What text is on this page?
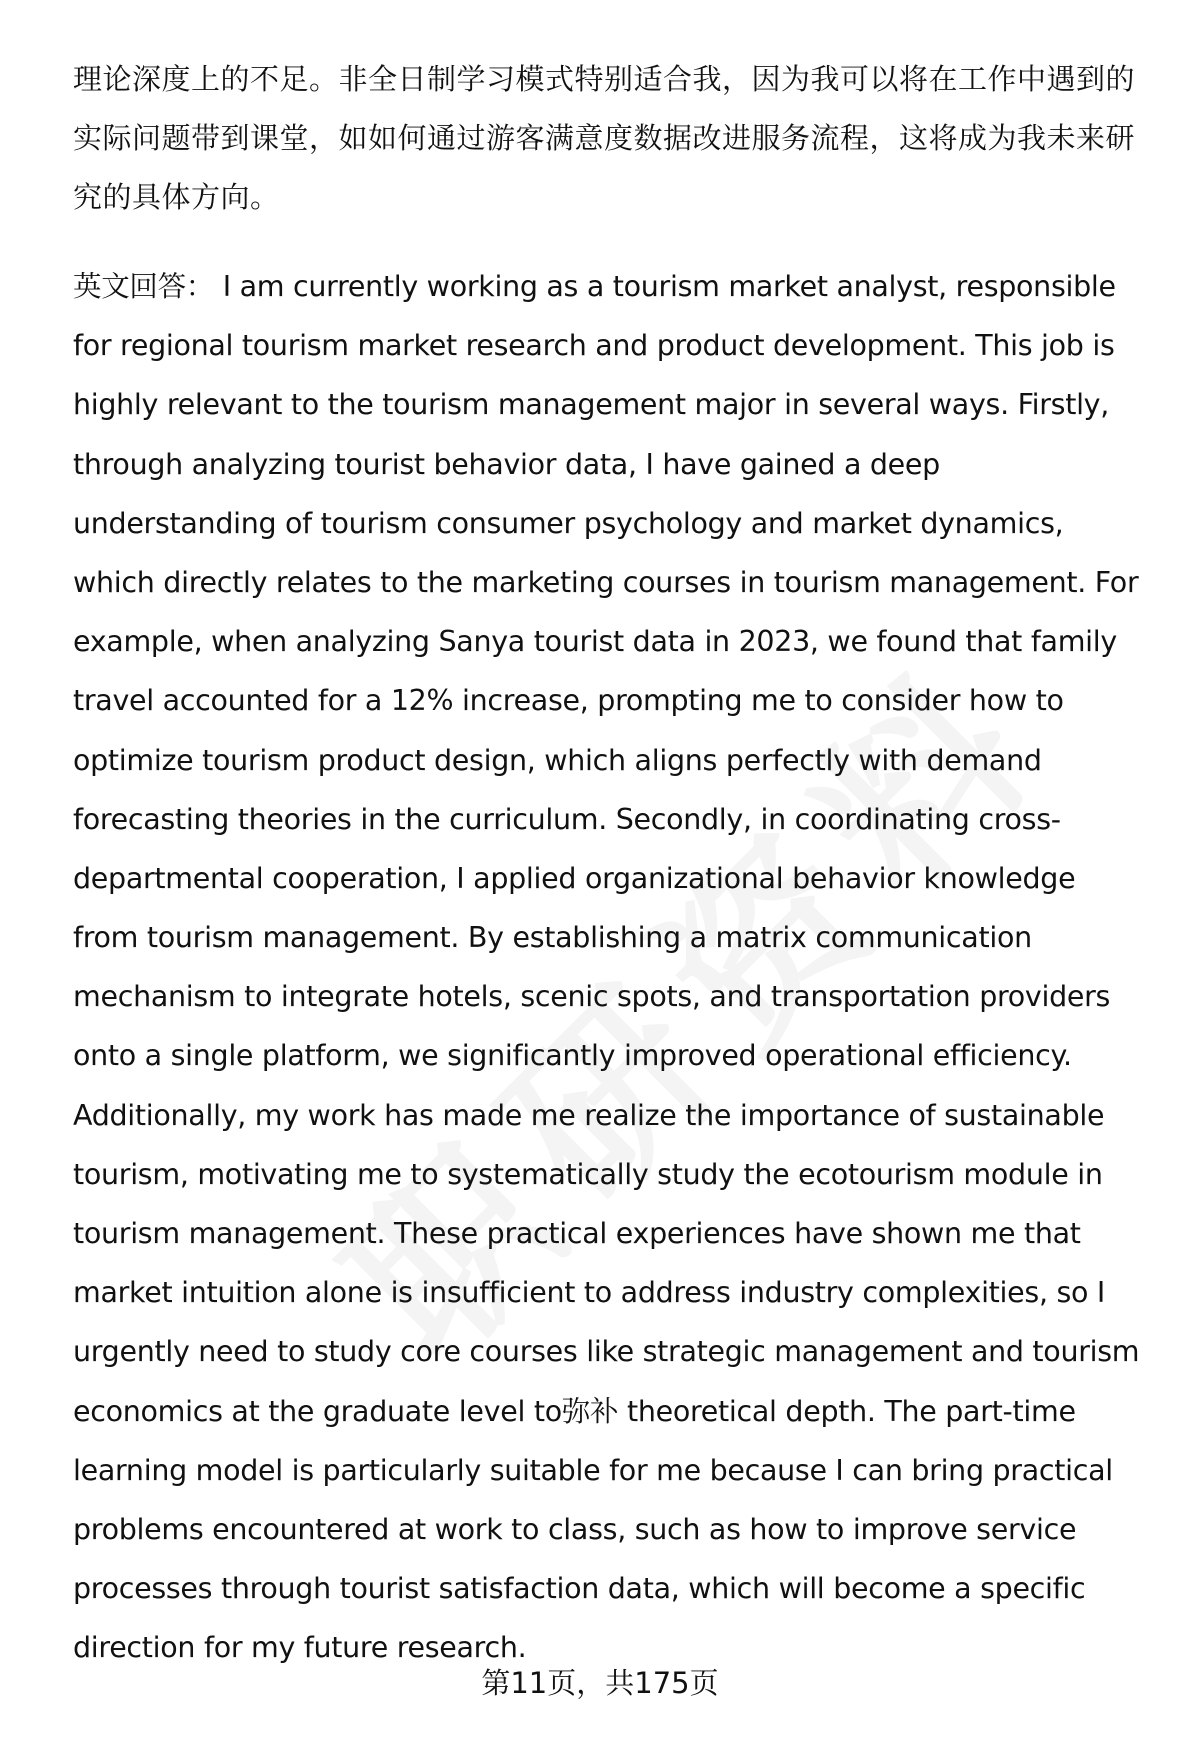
理论深度上的不足。非全日制学习模式特别适合我，因为我可以将在工作中遇到的
实际问题带到课堂，如如何通过游客满意度数据改进服务流程，这将成为我未来研
究的具体方向。
英文回答： I am currently working as a tourism market analyst, responsible
for regional tourism market research and product development. This job is
highly relevant to the tourism management major in several ways. Firstly,
through analyzing tourist behavior data, I have gained a deep
understanding of tourism consumer psychology and market dynamics,
which directly relates to the marketing courses in tourism management. For
example, when analyzing Sanya tourist data in 2023, we found that family
travel accounted for a 12% increase, prompting me to consider how to
optimize tourism product design, which aligns perfectly with demand
forecasting theories in the curriculum. Secondly, in coordinating cross-
departmental cooperation, I applied organizational behavior knowledge
from tourism management. By establishing a matrix communication
mechanism to integrate hotels, scenic spots, and transportation providers
onto a single platform, we significantly improved operational efficiency.
Additionally, my work has made me realize the importance of sustainable
tourism, motivating me to systematically study the ecotourism module in
tourism management. These practical experiences have shown me that
market intuition alone is insufficient to address industry complexities, so I
urgently need to study core courses like strategic management and tourism
economics at the graduate level to弥补 theoretical depth. The part-time
learning model is particularly suitable for me because I can bring practical
problems encountered at work to class, such as how to improve service
processes through tourist satisfaction data, which will become a specific
direction for my future research.
第11页，共175页
